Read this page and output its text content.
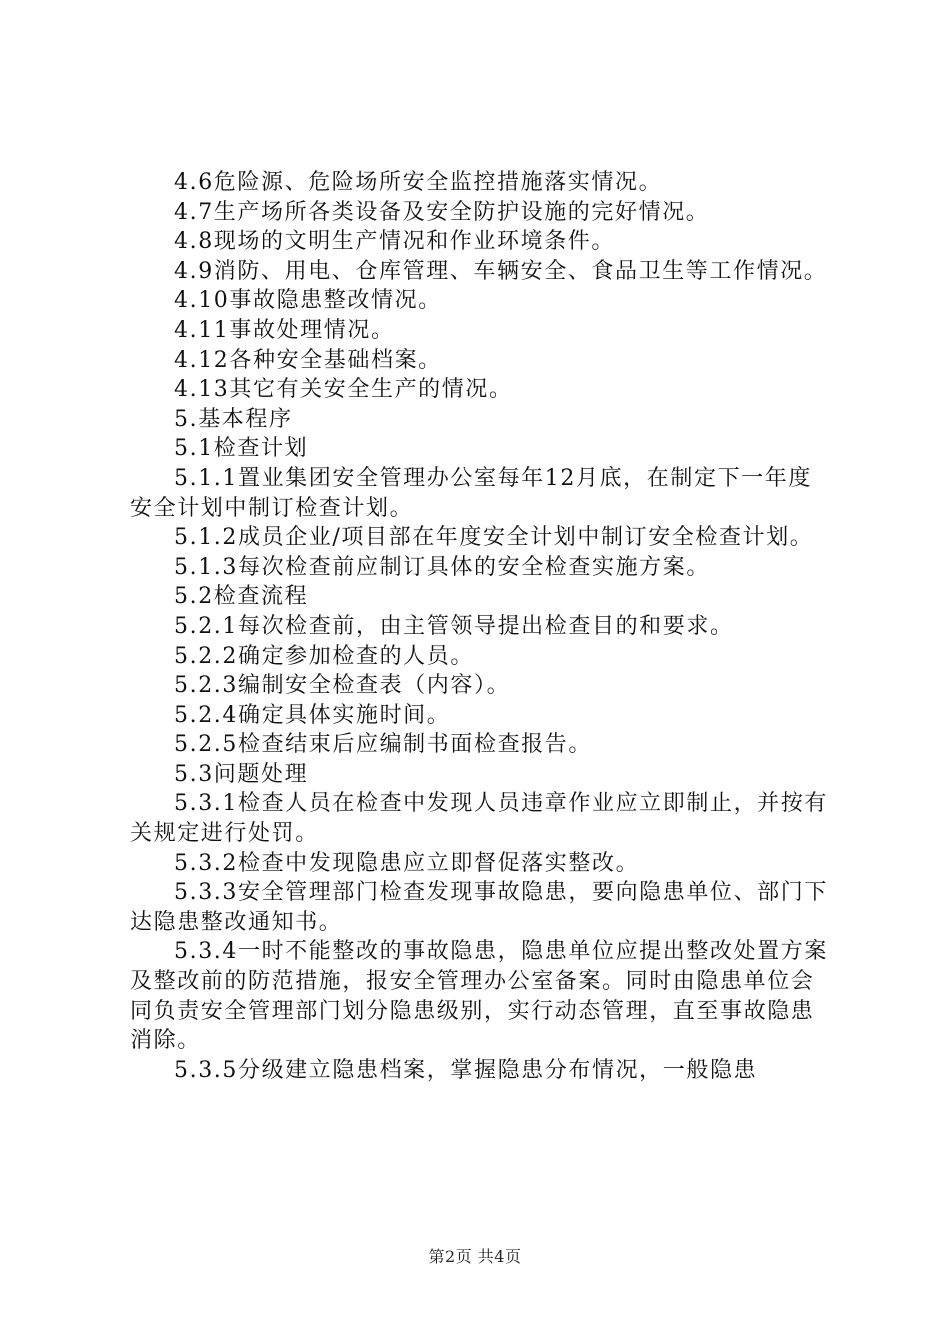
4.6危险源、危险场所安全监控措施落实情况。

4.7生产场所各类设备及安全防护设施的完好情况。

4.8现场的文明生产情况和作业环境条件。

4.9消防、用电、仓库管理、车辆安全、食品卫生等工作情况。

4.10事故隐患整改情况。

4.11事故处理情况。

4.12各种安全基础档案。

4.13其它有关安全生产的情况。

5.基本程序

5.1检查计划

5.1.1置业集团安全管理办公室每年12月底，在制定下一年度安全计划中制订检查计划。

5.1.2成员企业/项目部在年度安全计划中制订安全检查计划。

5.1.3每次检查前应制订具体的安全检查实施方案。

5.2检查流程

5.2.1每次检查前，由主管领导提出检查目的和要求。

5.2.2确定参加检查的人员。

5.2.3编制安全检查表（内容）。

5.2.4确定具体实施时间。

5.2.5检查结束后应编制书面检查报告。

5.3问题处理

5.3.1检查人员在检查中发现人员违章作业应立即制止，并按有关规定进行处罚。

5.3.2检查中发现隐患应立即督促落实整改。

5.3.3安全管理部门检查发现事故隐患，要向隐患单位、部门下达隐患整改通知书。

5.3.4一时不能整改的事故隐患，隐患单位应提出整改处置方案及整改前的防范措施，报安全管理办公室备案。同时由隐患单位会同负责安全管理部门划分隐患级别，实行动态管理，直至事故隐患消除。

5.3.5分级建立隐患档案，掌握隐患分布情况，一般隐患

第2页 共4页
